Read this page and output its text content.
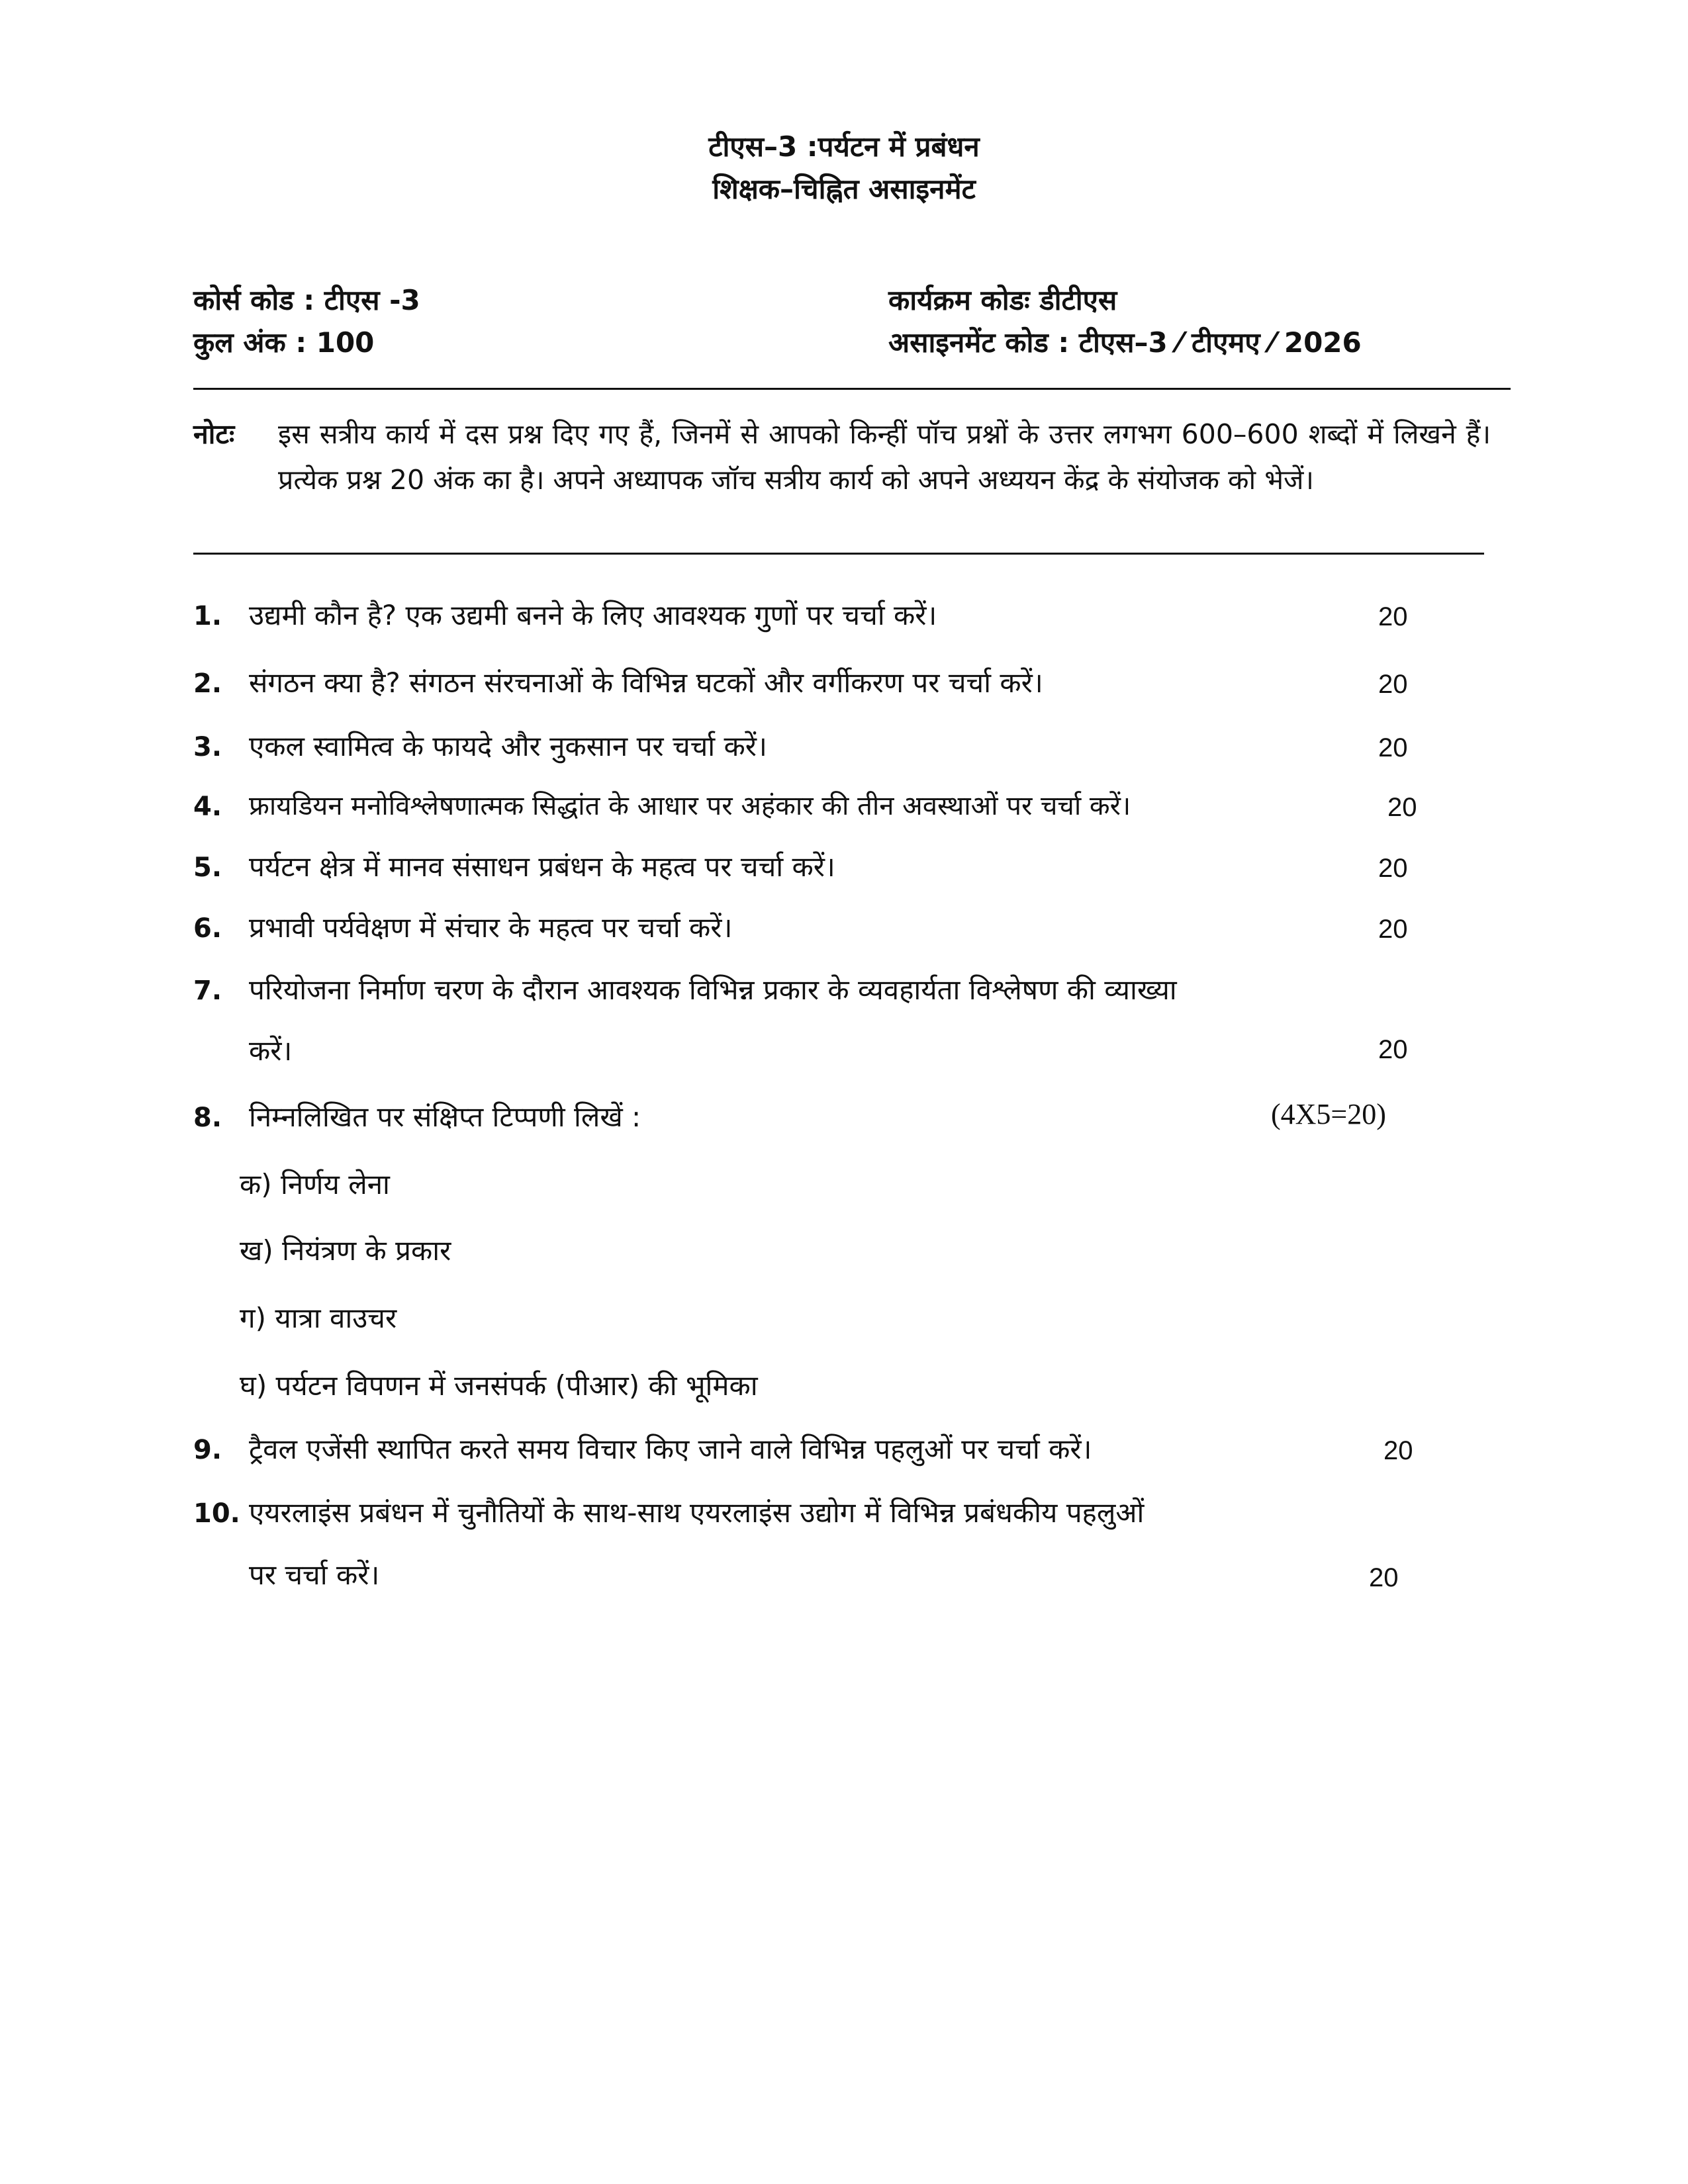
टीएस–3 :पर्यटन में प्रबंधन
शिक्षक–चिह्नित असाइनमेंट
कोर्स कोड : टीएस -3
कुल अंक : 100
कार्यक्रम कोडः डीटीएस
असाइनमेंट कोड : टीएस–3 ⁄ टीएमए ⁄ 2026
नोटः इस सत्रीय कार्य में दस प्रश्न दिए गए हैं, जिनमें से आपको किन्हीं पॉच प्रश्नों के उत्तर लगभग 600–600 शब्दों में लिखने हैं। प्रत्येक प्रश्न 20 अंक का है। अपने अध्यापक जॉच सत्रीय कार्य को अपने अध्ययन केंद्र के संयोजक को भेजें।
1. उद्यमी कौन है? एक उद्यमी बनने के लिए आवश्यक गुणों पर चर्चा करें।	20
2. संगठन क्या है? संगठन संरचनाओं के विभिन्न घटकों और वर्गीकरण पर चर्चा करें।	20
3. एकल स्वामित्व के फायदे और नुकसान पर चर्चा करें।	20
4. फ्रायडियन मनोविश्लेषणात्मक सिद्धांत के आधार पर अहंकार की तीन अवस्थाओं पर चर्चा करें।	20
5. पर्यटन क्षेत्र में मानव संसाधन प्रबंधन के महत्व पर चर्चा करें।	20
6. प्रभावी पर्यवेक्षण में संचार के महत्व पर चर्चा करें।	20
7. परियोजना निर्माण चरण के दौरान आवश्यक विभिन्न प्रकार के व्यवहार्यता विश्लेषण की व्याख्या
करें।	20
8. निम्नलिखित पर संक्षिप्त टिप्पणी लिखें :	(4X5=20)
क) निर्णय लेना
ख) नियंत्रण के प्रकार
ग) यात्रा वाउचर
घ) पर्यटन विपणन में जनसंपर्क (पीआर) की भूमिका
9. ट्रैवल एजेंसी स्थापित करते समय विचार किए जाने वाले विभिन्न पहलुओं पर चर्चा करें।	20
10. एयरलाइंस प्रबंधन में चुनौतियों के साथ-साथ एयरलाइंस उद्योग में विभिन्न प्रबंधकीय पहलुओं
पर चर्चा करें।	20
